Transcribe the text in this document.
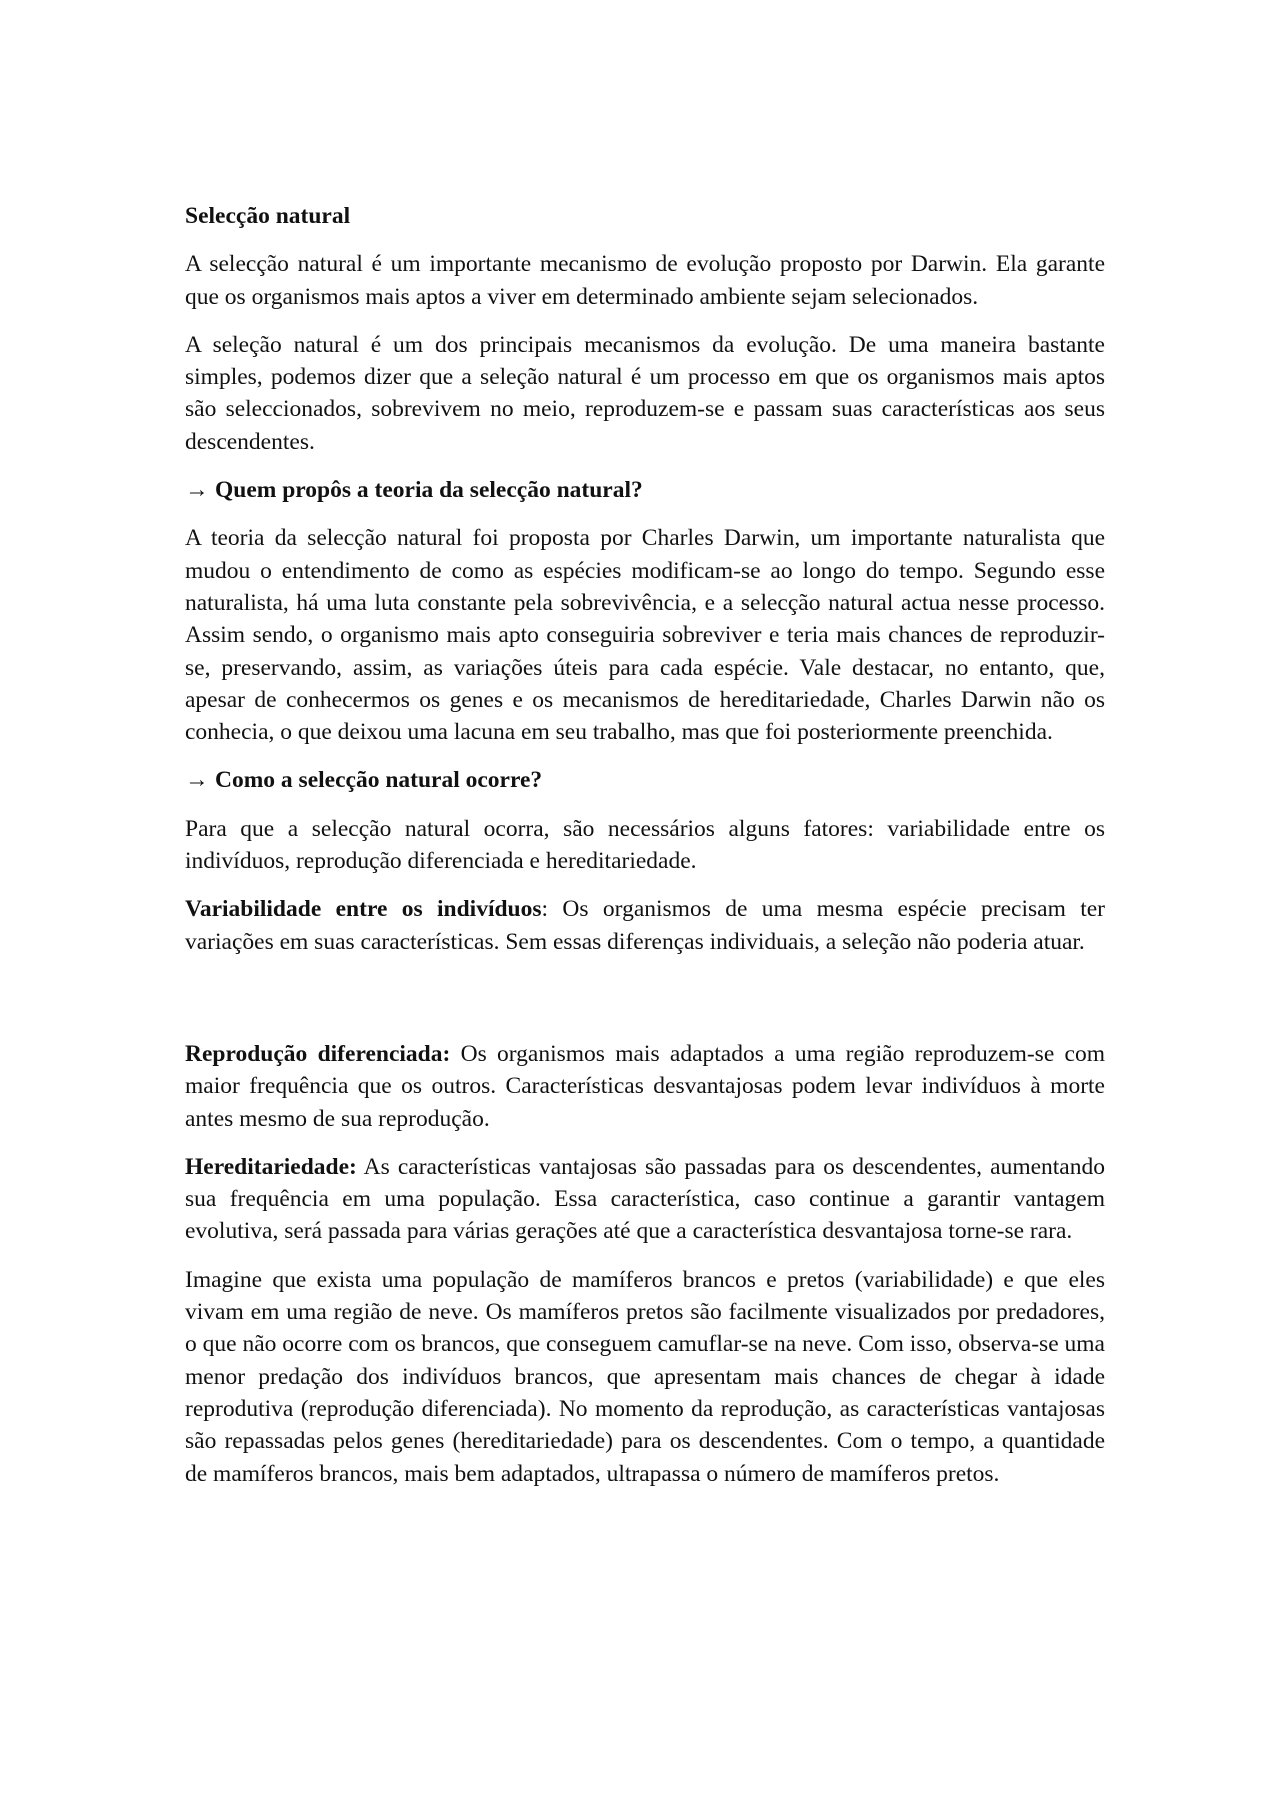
Selecção natural

A selecção natural é um importante mecanismo de evolução proposto por Darwin. Ela garante que os organismos mais aptos a viver em determinado ambiente sejam selecionados.

A seleção natural é um dos principais mecanismos da evolução. De uma maneira bastante simples, podemos dizer que a seleção natural é um processo em que os organismos mais aptos são seleccionados, sobrevivem no meio, reproduzem-se e passam suas características aos seus descendentes.

→ Quem propôs a teoria da selecção natural?

A teoria da selecção natural foi proposta por Charles Darwin, um importante naturalista que mudou o entendimento de como as espécies modificam-se ao longo do tempo. Segundo esse naturalista, há uma luta constante pela sobrevivência, e a selecção natural actua nesse processo. Assim sendo, o organismo mais apto conseguiria sobreviver e teria mais chances de reproduzir-se, preservando, assim, as variações úteis para cada espécie. Vale destacar, no entanto, que, apesar de conhecermos os genes e os mecanismos de hereditariedade, Charles Darwin não os conhecia, o que deixou uma lacuna em seu trabalho, mas que foi posteriormente preenchida.

→ Como a selecção natural ocorre?

Para que a selecção natural ocorra, são necessários alguns fatores: variabilidade entre os indivíduos, reprodução diferenciada e hereditariedade.

Variabilidade entre os indivíduos: Os organismos de uma mesma espécie precisam ter variações em suas características. Sem essas diferenças individuais, a seleção não poderia atuar.

Reprodução diferenciada: Os organismos mais adaptados a uma região reproduzem-se com maior frequência que os outros. Características desvantajosas podem levar indivíduos à morte antes mesmo de sua reprodução.

Hereditariedade: As características vantajosas são passadas para os descendentes, aumentando sua frequência em uma população. Essa característica, caso continue a garantir vantagem evolutiva, será passada para várias gerações até que a característica desvantajosa torne-se rara.

Imagine que exista uma população de mamíferos brancos e pretos (variabilidade) e que eles vivam em uma região de neve. Os mamíferos pretos são facilmente visualizados por predadores, o que não ocorre com os brancos, que conseguem camuflar-se na neve. Com isso, observa-se uma menor predação dos indivíduos brancos, que apresentam mais chances de chegar à idade reprodutiva (reprodução diferenciada). No momento da reprodução, as características vantajosas são repassadas pelos genes (hereditariedade) para os descendentes. Com o tempo, a quantidade de mamíferos brancos, mais bem adaptados, ultrapassa o número de mamíferos pretos.
